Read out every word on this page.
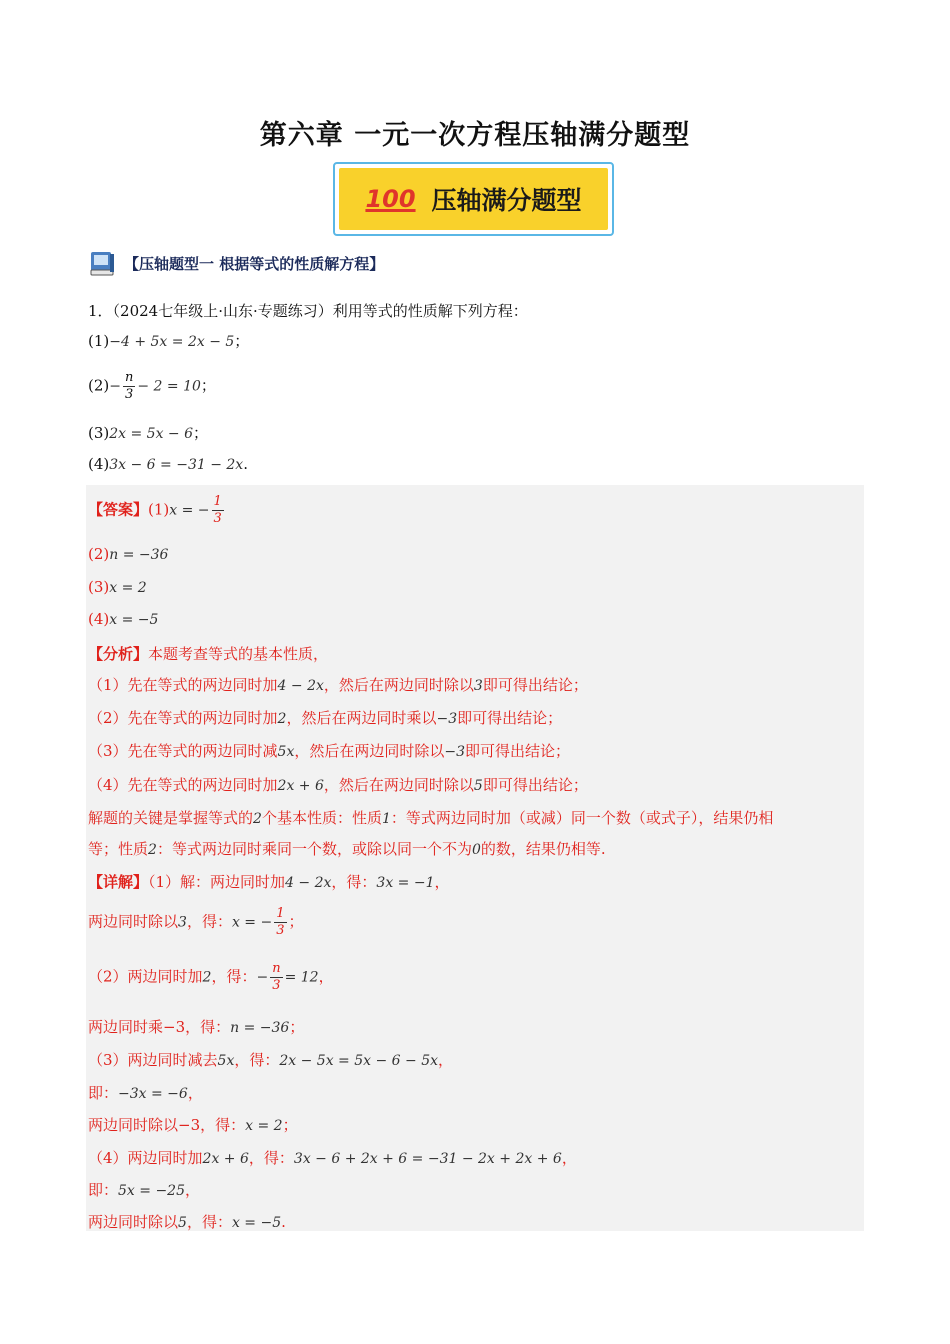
第六章 一元一次方程压轴满分题型
100 压轴满分题型
【压轴题型一 根据等式的性质解方程】
1．（2024七年级上·山东·专题练习）利用等式的性质解下列方程：
(1)−4 + 5x = 2x − 5；
$(2)- \frac{n}{3} - 2 = 10$；
(3)2x = 5x − 6；
(4)3x − 6 = −31 − 2x.
【答案】(1)x = − $\frac{1}{3}$
(2)n = −36
(3)x = 2
(4)x = −5
【分析】本题考查等式的基本性质，
（1）先在等式的两边同时加4 − 2x，然后在两边同时除以3即可得出结论；
（2）先在等式的两边同时加2，然后在两边同时乘以−3即可得出结论；
（3）先在等式的两边同时减5x，然后在两边同时除以−3即可得出结论；
（4）先在等式的两边同时加2x + 6，然后在两边同时除以5即可得出结论；
解题的关键是掌握等式的2个基本性质：性质1：等式两边同时加（或减）同一个数（或式子），结果仍相
等；性质2：等式两边同时乘同一个数，或除以同一个不为0的数，结果仍相等.
【详解】（1）解：两边同时加4 − 2x，得：3x = −1，
两边同时除以3，得：x = − $\frac{1}{3}$ ；
（2）两边同时加2，得：− $\frac{n}{3} = 12$，
两边同时乘−3，得：n = −36；
（3）两边同时减去5x，得：2x − 5x = 5x − 6 − 5x，
即：−3x = −6，
两边同时除以−3，得：x = 2；
（4）两边同时加2x + 6，得：3x − 6 + 2x + 6 = −31 − 2x + 2x + 6，
即：5x = −25，
两边同时除以5，得：x = −5.
